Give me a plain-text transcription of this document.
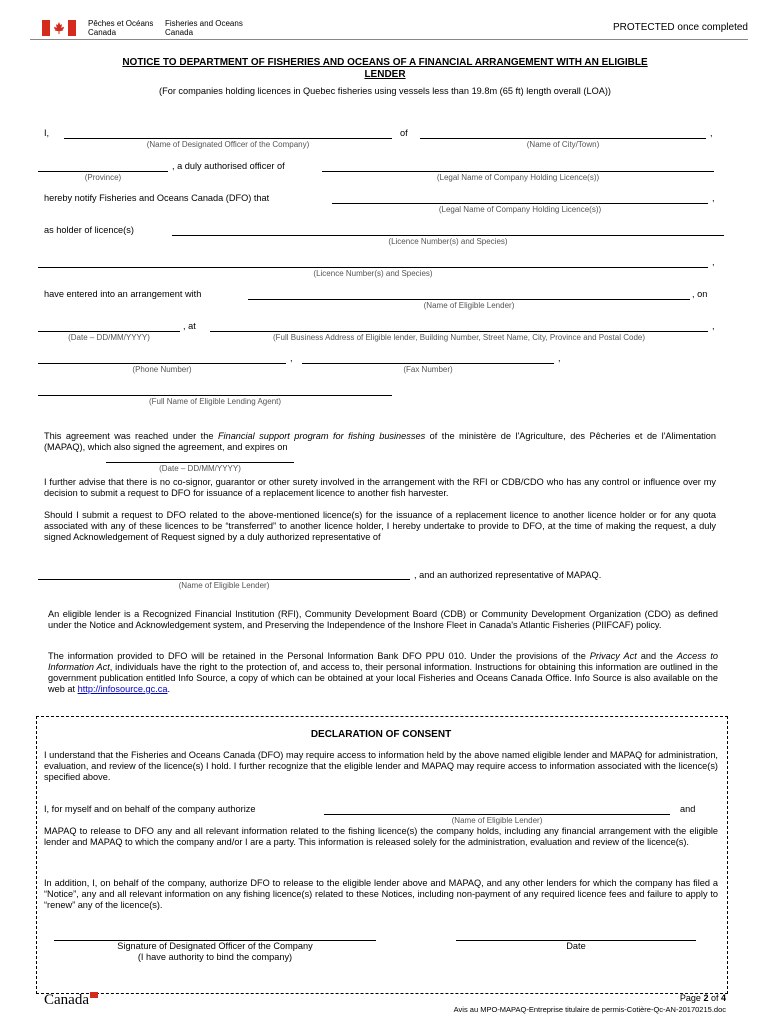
Pêches et Océans
Canada
Fisheries and Oceans
Canada	PROTECTED once completed
NOTICE TO DEPARTMENT OF FISHERIES AND OCEANS OF A FINANCIAL ARRANGEMENT WITH AN ELIGIBLE
LENDER
(For companies holding licences in Quebec fisheries using vessels less than 19.8m (65 ft) length overall (LOA))
I,	of	,
(Name of Designated Officer of the Company)	(Name of City/Town)
, a duly authorised officer of
(Province)	(Legal Name of Company Holding Licence(s))
hereby notify Fisheries and Oceans Canada (DFO) that	,
(Legal Name of Company Holding Licence(s))
as holder of licence(s)
(Licence Number(s) and Species)
,
(Licence Number(s) and Species)
have entered into an arrangement with	, on
(Name of Eligible Lender)
, at	,
(Date – DD/MM/YYYY)	(Full Business Address of Eligible lender, Building Number, Street Name, City, Province and Postal Code)
,	,
(Phone Number)	(Fax Number)
(Full Name of Eligible Lending Agent)

This agreement was reached under the Financial support program for fishing businesses of the ministère de l'Agriculture, des Pêcheries et de l'Alimentation (MAPAQ), which also signed the agreement, and expires on

(Date – DD/MM/YYYY)
I further advise that there is no co-signor, guarantor or other surety involved in the arrangement with the RFI or CDB/CDO who has any control or influence over my decision to submit a request to DFO for issuance of a replacement licence to another fish harvester.
Should I submit a request to DFO related to the above-mentioned licence(s) for the issuance of a replacement licence to another licence holder or for any quota associated with any of these licences to be “transferred” to another licence holder, I hereby undertake to provide to DFO, at the time of making the request, a duly signed Acknowledgement of Request signed by a duly authorized representative of
, and an authorized representative of MAPAQ.
(Name of Eligible Lender)
An eligible lender is a Recognized Financial Institution (RFI), Community Development Board (CDB) or Community Development Organization (CDO) as defined under the Notice and Acknowledgement system, and Preserving the Independence of the Inshore Fleet in Canada's Atlantic Fisheries (PIIFCAF) policy.

The information provided to DFO will be retained in the Personal Information Bank DFO PPU 010. Under the provisions of the Privacy Act and the Access to Information Act, individuals have the right to the protection of, and access to, their personal information. Instructions for obtaining this information are outlined in the government publication entitled Info Source, a copy of which can be obtained at your local Fisheries and Oceans Canada Office. Info Source is also available on the web at http://infosource.gc.ca.

DECLARATION OF CONSENT
I understand that the Fisheries and Oceans Canada (DFO) may require access to information held by the above named eligible lender and MAPAQ for administration, evaluation, and review of the licence(s) I hold. I further recognize that the eligible lender and MAPAQ may require access to information associated with the licence(s) specified above.
I, for myself and on behalf of the company authorize	and
(Name of Eligible Lender)
MAPAQ to release to DFO any and all relevant information related to the fishing licence(s) the company holds, including any financial arrangement with the eligible lender and MAPAQ to which the company and/or I are a party. This information is released solely for the administration, evaluation and review of the licence(s).
In addition, I, on behalf of the company, authorize DFO to release to the eligible lender above and MAPAQ, and any other lenders for which the company has filed a “Notice”, any and all relevant information on any fishing licence(s) related to these Notices, including non-payment of any required licence fees and failure to apply to “renew” any of the licence(s).
Signature of Designated Officer of the Company
(I have authority to bind the company)
Date
Canada	Page 2 of 4
Avis au MPO-MAPAQ-Entreprise titulaire de permis-Cotière-Qc-AN-20170215.doc
